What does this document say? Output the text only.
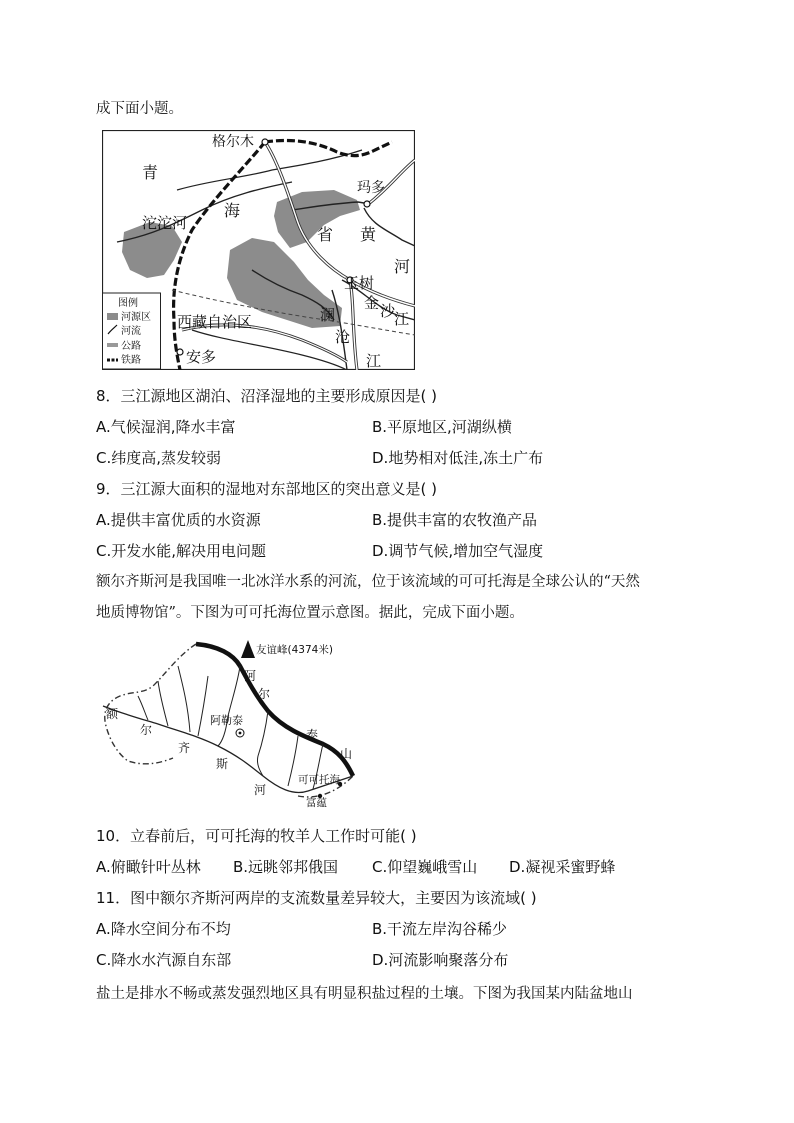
成下面小题。
格尔木
青
沱沱河
海
玛多
省 黄
河
玉树
金 沙
江
澜
沧
江
西藏自治区
安多
图例
河源区
河流
公路
铁路
8．三江源地区湖泊、沼泽湿地的主要形成原因是( )
A.气候湿润,降水丰富	B.平原地区,河湖纵横
C.纬度高,蒸发较弱	D.地势相对低洼,冻土广布
9．三江源大面积的湿地对东部地区的突出意义是( )
A.提供丰富优质的水资源	B.提供丰富的农牧渔产品
C.开发水能,解决用电问题	D.调节气候,增加空气湿度
额尔齐斯河是我国唯一北冰洋水系的河流，位于该流域的可可托海是全球公认的“天然
地质博物馆”。下图为可可托海位置示意图。据此，完成下面小题。
友谊峰(4374米)
阿
尔
泰
山
额
尔
齐
斯
河
阿勒泰
可可托海
富蕴
10．立春前后，可可托海的牧羊人工作时可能( )
A.俯瞰针叶丛林 B.远眺邻邦俄国 C.仰望巍峨雪山 D.凝视采蜜野蜂
11．图中额尔齐斯河两岸的支流数量差异较大，主要因为该流域( )
A.降水空间分布不均	B.干流左岸沟谷稀少
C.降水水汽源自东部	D.河流影响聚落分布
盐土是排水不畅或蒸发强烈地区具有明显积盐过程的土壤。下图为我国某内陆盆地山
